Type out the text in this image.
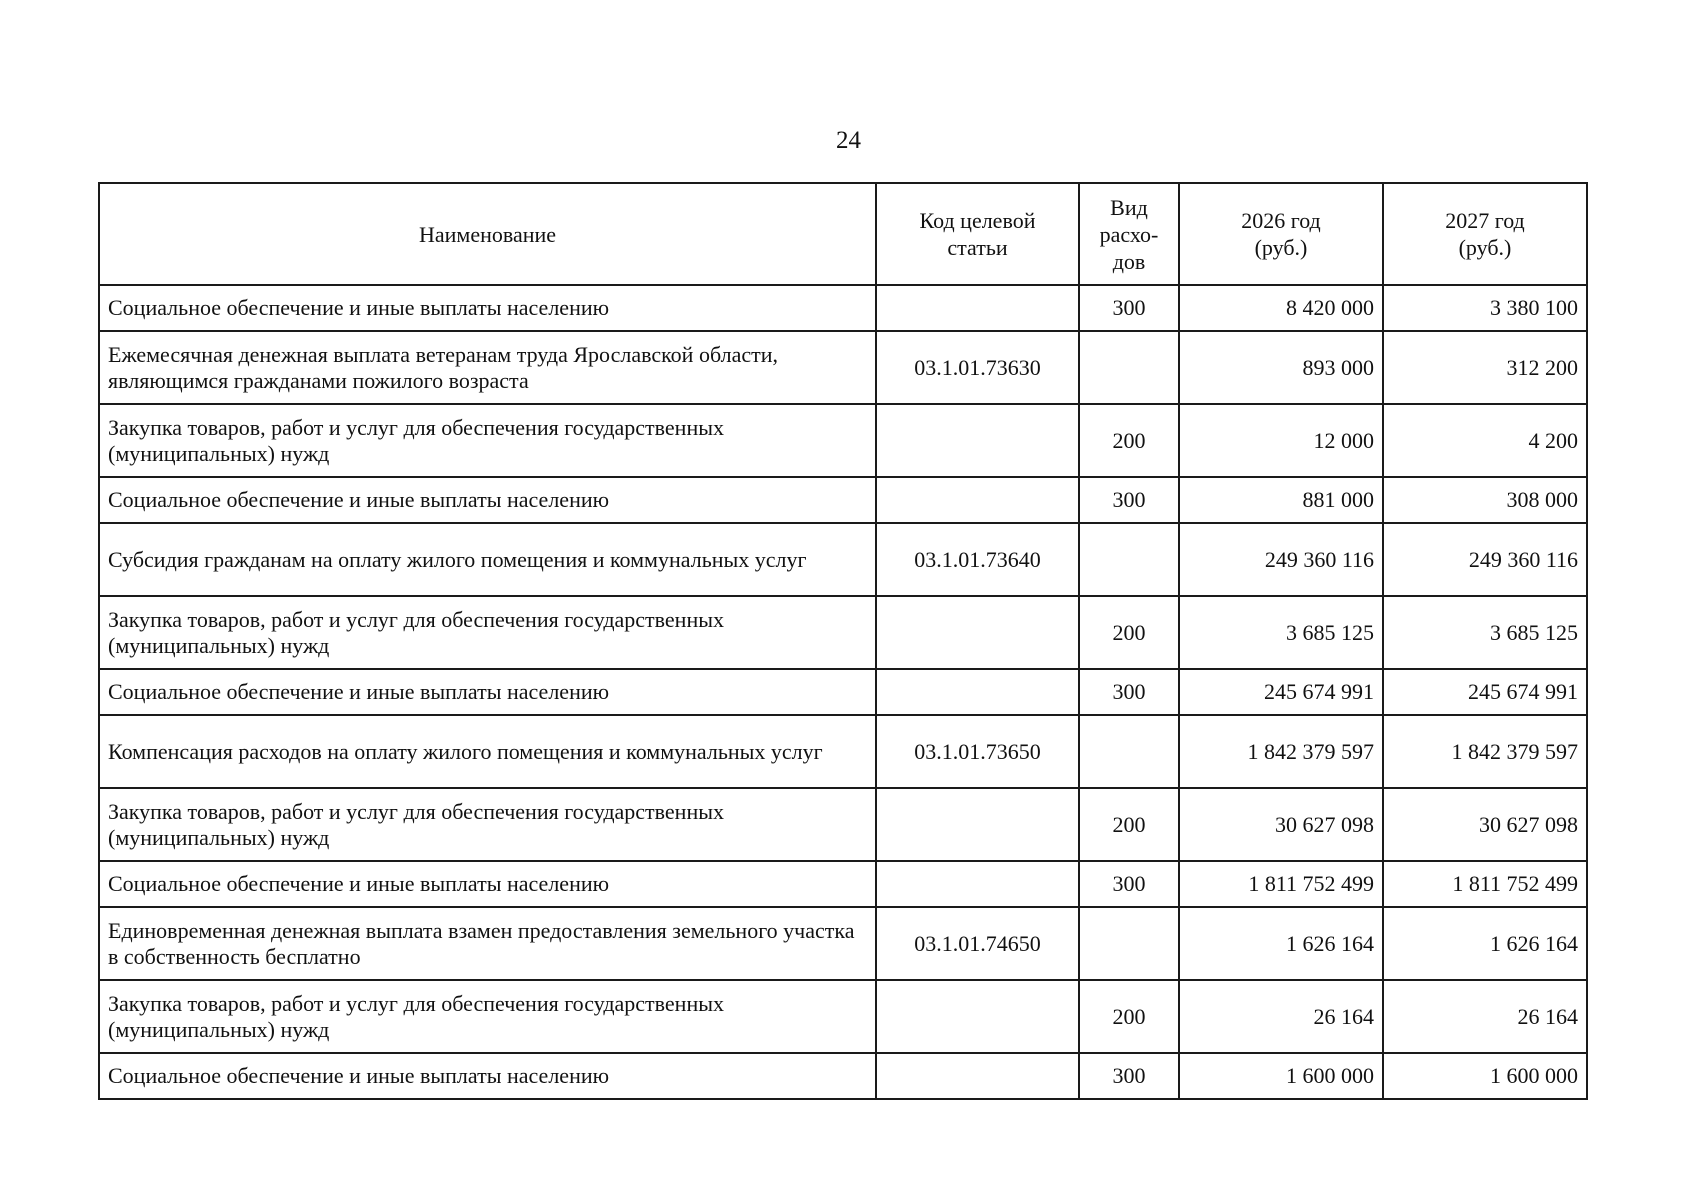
24
Наименование	Код целевой статьи	Вид расхо-дов	2026 год (руб.)	2027 год (руб.)
Социальное обеспечение и иные выплаты населению		300	8 420 000	3 380 100
Ежемесячная денежная выплата ветеранам труда Ярославской области, являющимся гражданами пожилого возраста	03.1.01.73630		893 000	312 200
Закупка товаров, работ и услуг для обеспечения государственных (муниципальных) нужд		200	12 000	4 200
Социальное обеспечение и иные выплаты населению		300	881 000	308 000
Субсидия гражданам на оплату жилого помещения и коммунальных услуг	03.1.01.73640		249 360 116	249 360 116
Закупка товаров, работ и услуг для обеспечения государственных (муниципальных) нужд		200	3 685 125	3 685 125
Социальное обеспечение и иные выплаты населению		300	245 674 991	245 674 991
Компенсация расходов на оплату жилого помещения и коммунальных услуг	03.1.01.73650		1 842 379 597	1 842 379 597
Закупка товаров, работ и услуг для обеспечения государственных (муниципальных) нужд		200	30 627 098	30 627 098
Социальное обеспечение и иные выплаты населению		300	1 811 752 499	1 811 752 499
Единовременная денежная выплата взамен предоставления земельного участка в собственность бесплатно	03.1.01.74650		1 626 164	1 626 164
Закупка товаров, работ и услуг для обеспечения государственных (муниципальных) нужд		200	26 164	26 164
Социальное обеспечение и иные выплаты населению		300	1 600 000	1 600 000
